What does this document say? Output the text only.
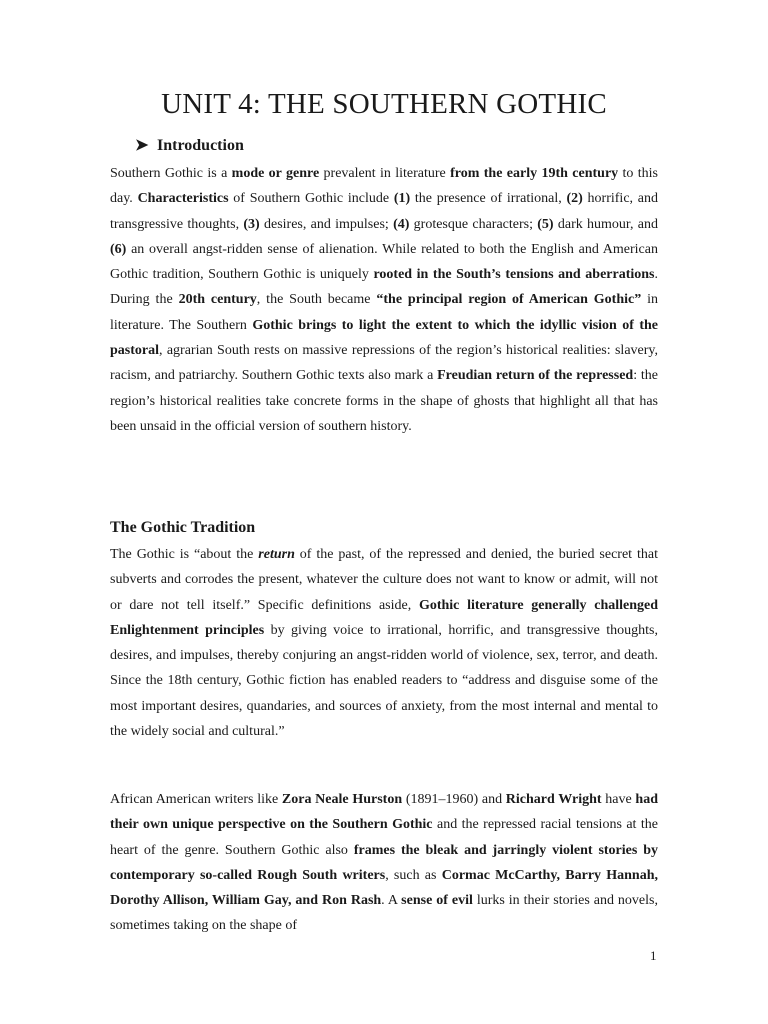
UNIT 4: THE SOUTHERN GOTHIC
➤ Introduction

Southern Gothic is a mode or genre prevalent in literature from the early 19th century to this day. Characteristics of Southern Gothic include (1) the presence of irrational, (2) horrific, and transgressive thoughts, (3) desires, and impulses; (4) grotesque characters; (5) dark humour, and (6) an overall angst-ridden sense of alienation. While related to both the English and American Gothic tradition, Southern Gothic is uniquely rooted in the South’s tensions and aberrations. During the 20th century, the South became “the principal region of American Gothic” in literature. The Southern Gothic brings to light the extent to which the idyllic vision of the pastoral, agrarian South rests on massive repressions of the region’s historical realities: slavery, racism, and patriarchy. Southern Gothic texts also mark a Freudian return of the repressed: the region’s historical realities take concrete forms in the shape of ghosts that highlight all that has been unsaid in the official version of southern history.

The Gothic Tradition

The Gothic is “about the return of the past, of the repressed and denied, the buried secret that subverts and corrodes the present, whatever the culture does not want to know or admit, will not or dare not tell itself.” Specific definitions aside, Gothic literature generally challenged Enlightenment principles by giving voice to irrational, horrific, and transgressive thoughts, desires, and impulses, thereby conjuring an angst-ridden world of violence, sex, terror, and death. Since the 18th century, Gothic fiction has enabled readers to “address and disguise some of the most important desires, quandaries, and sources of anxiety, from the most internal and mental to the widely social and cultural.”

African American writers like Zora Neale Hurston (1891–1960) and Richard Wright have had their own unique perspective on the Southern Gothic and the repressed racial tensions at the heart of the genre. Southern Gothic also frames the bleak and jarringly violent stories by contemporary so-called Rough South writers, such as Cormac McCarthy, Barry Hannah, Dorothy Allison, William Gay, and Ron Rash. A sense of evil lurks in their stories and novels, sometimes taking on the shape of

1
